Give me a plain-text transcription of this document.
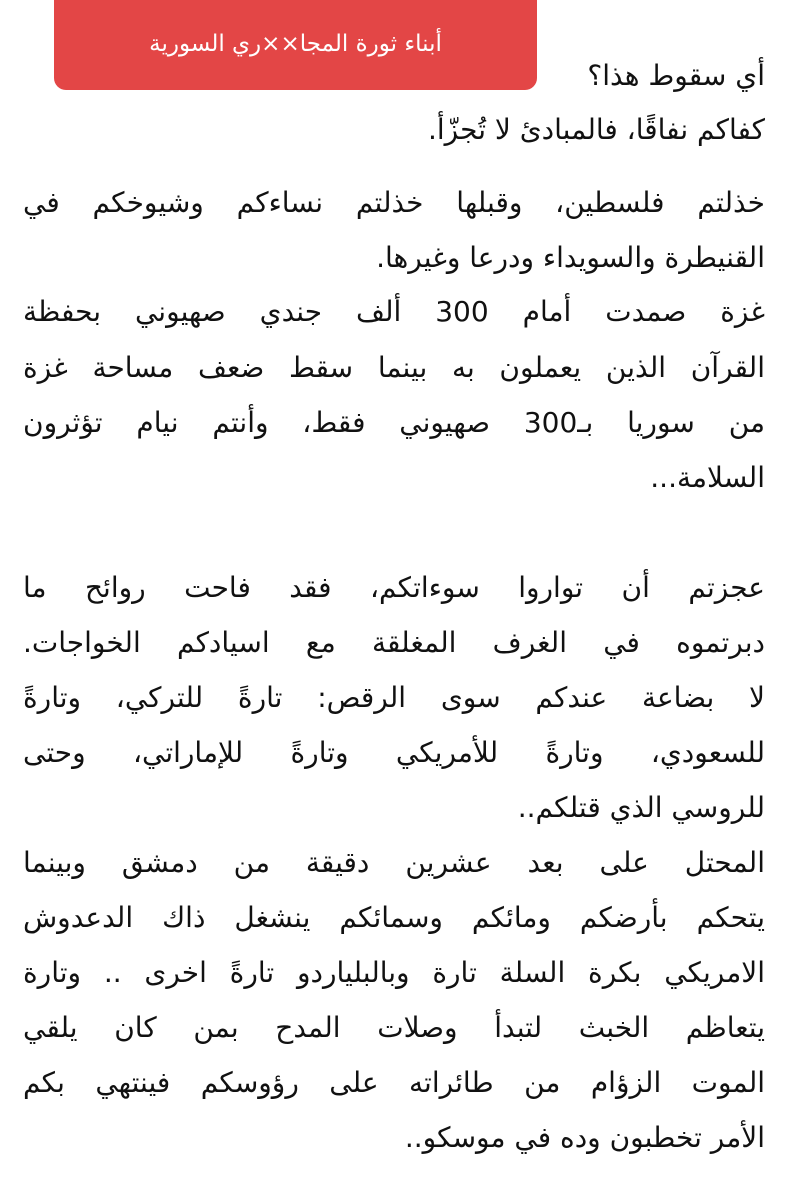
أبناء ثورة المجا××ري السورية
أي سقوط هذا؟
كفاكم نفاقًا، فالمبادئ لا تُجزّأ.
خذلتم فلسطين، وقبلها خذلتم نساءكم وشيوخكم في
القنيطرة والسويداء ودرعا وغيرها.
غزة صمدت أمام 300 ألف جندي صهيوني بحفظة
القرآن الذين يعملون به بينما سقط ضعف مساحة غزة
من سوريا بـ300 صهيوني فقط، وأنتم نيام تؤثرون
السلامة...
عجزتم أن تواروا سوءاتكم، فقد فاحت روائح ما
دبرتموه في الغرف المغلقة مع اسيادكم الخواجات.
لا بضاعة عندكم سوى الرقص: تارةً للتركي، وتارةً
للسعودي، وتارةً للأمريكي وتارةً للإماراتي، وحتى
للروسي الذي قتلكم..
المحتل على بعد عشرين دقيقة من دمشق وبينما
يتحكم بأرضكم ومائكم وسمائكم ينشغل ذاك الدعدوش
الامريكي بكرة السلة تارة وبالبلياردو تارةً اخرى .. وتارة
يتعاظم الخبث لتبدأ وصلات المدح بمن كان يلقي
الموت الزؤام من طائراته على رؤوسكم فينتهي بكم
الأمر تخطبون وده في موسكو..
